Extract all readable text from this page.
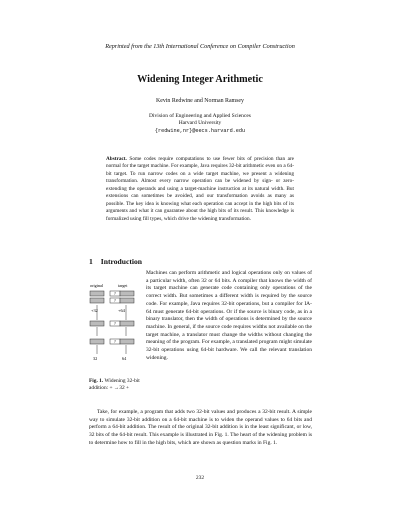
Reprinted from the 13th International Conference on Compiler Construction
Widening Integer Arithmetic
Kevin Redwine and Norman Ramsey
Division of Engineering and Applied Sciences
Harvard University
{redwine,nr}@eecs.harvard.edu
Abstract. Some codes require computations to use fewer bits of precision than are normal for the target machine. For example, Java requires 32-bit arithmetic even on a 64-bit target. To run narrow codes on a wide target machine, we present a widening transformation. Almost every narrow operation can be widened by sign- or zero-extending the operands and using a target-machine instruction at its natural width. But extensions can sometimes be avoided, and our transformation avoids as many as possible. The key idea is knowing what each operation can accept in the high bits of its arguments and what it can guarantee about the high bits of its result. This knowledge is formalized using fill types, which drive the widening transformation.
1 Introduction
original	target
?
?
+32	+64
?
?
32	64
Fig. 1. Widening 32-bit addition: + →32 +
Machines can perform arithmetic and logical operations only on values of a particular width, often 32 or 64 bits. A compiler that knows the width of its target machine can generate code containing only operations of the correct width. But sometimes a different width is required by the source code. For example, Java requires 32-bit operations, but a compiler for IA-64 must generate 64-bit operations. Or if the source is binary code, as in a binary translator, then the width of operations is determined by the source machine. In general, if the source code requires widths not available on the target machine, a translator must change the widths without changing the meaning of the program. For example, a translated program might simulate 32-bit operations using 64-bit hardware. We call the relevant translation widening.

Take, for example, a program that adds two 32-bit values and produces a 32-bit result. A simple way to simulate 32-bit addition on a 64-bit machine is to widen the operand values to 64 bits and perform a 64-bit addition. The result of the original 32-bit addition is in the least significant, or low, 32 bits of the 64-bit result. This example is illustrated in Fig. 1. The heart of the widening problem is to determine how to fill in the high bits, which are shown as question marks in Fig. 1.

232
